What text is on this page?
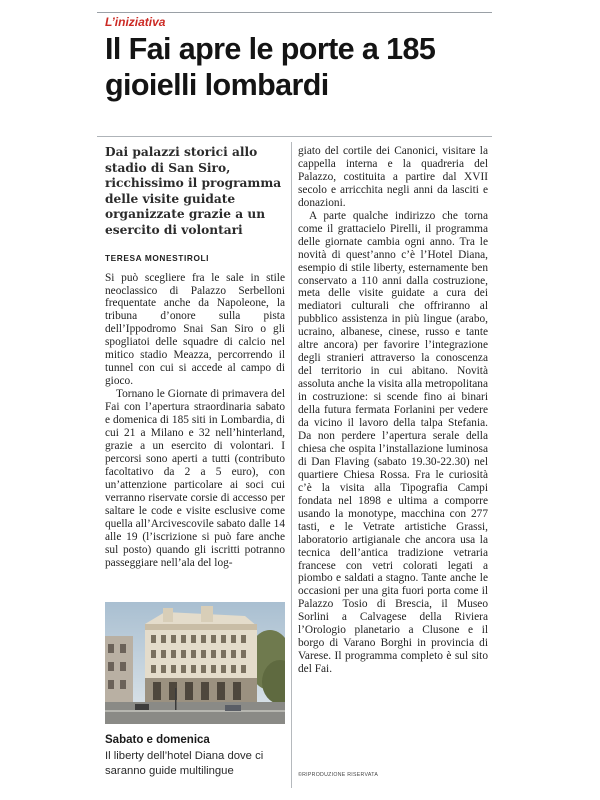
L’iniziativa
Il Fai apre le porte a 185 gioielli lombardi

Dai palazzi storici allo stadio di San Siro, ricchissimo il programma delle visite guidate organizzate grazie a un esercito di volontari

TERESA MONESTIROLI
Si può scegliere fra le sale in stile neoclassico di Palazzo Serbelloni frequentate anche da Napoleone, la tribuna d’onore sulla pista dell’Ippodromo Snai San Siro o gli spogliatoi delle squadre di calcio nel mitico stadio Meazza, percorrendo il tunnel con cui si accede al campo di gioco.
Tornano le Giornate di primavera del Fai con l’apertura straordinaria sabato e domenica di 185 siti in Lombardia, di cui 21 a Milano e 32 nell’hinterland, grazie a un esercito di volontari. I percorsi sono aperti a tutti (contributo facoltativo da 2 a 5 euro), con un’attenzione particolare ai soci cui verranno riservate corsie di accesso per saltare le code e visite esclusive come quella all’Arcivescovile sabato dalle 14 alle 19 (l’iscrizione si può fare anche sul posto) quando gli iscritti potranno passeggiare nell’ala del log-
Sabato e domenica
Il liberty dell’hotel Diana dove ci saranno guide multilingue
giato del cortile dei Canonici, visitare la cappella interna e la quadreria del Palazzo, costituita a partire dal XVII secolo e arricchita negli anni da lasciti e donazioni.
A parte qualche indirizzo che torna come il grattacielo Pirelli, il programma delle giornate cambia ogni anno. Tra le novità di quest’anno c’è l’Hotel Diana, esempio di stile liberty, esternamente ben conservato a 110 anni dalla costruzione, meta delle visite guidate a cura dei mediatori culturali che offriranno al pubblico assistenza in più lingue (arabo, ucraino, albanese, cinese, russo e tante altre ancora) per favorire l’integrazione degli stranieri attraverso la conoscenza del territorio in cui abitano. Novità assoluta anche la visita alla metropolitana in costruzione: si scende fino ai binari della futura fermata Forlanini per vedere da vicino il lavoro della talpa Stefania. Da non perdere l’apertura serale della chiesa che ospita l’installazione luminosa di Dan Flaving (sabato 19.30-22.30) nel quartiere Chiesa Rossa. Fra le curiosità c’è la visita alla Tipografia Campi fondata nel 1898 e ultima a comporre usando la monotype, macchina con 277 tasti, e le Vetrate artistiche Grassi, laboratorio artigianale che ancora usa la tecnica dell’antica tradizione vetraria francese con vetri colorati legati a piombo e saldati a stagno. Tante anche le occasioni per una gita fuori porta come il Palazzo Tosio di Brescia, il Museo Sorlini a Calvagese della Riviera l’Orologio planetario a Clusone e il borgo di Varano Borghi in provincia di Varese. Il programma completo è sul sito del Fai.
©RIPRODUZIONE RISERVATA
